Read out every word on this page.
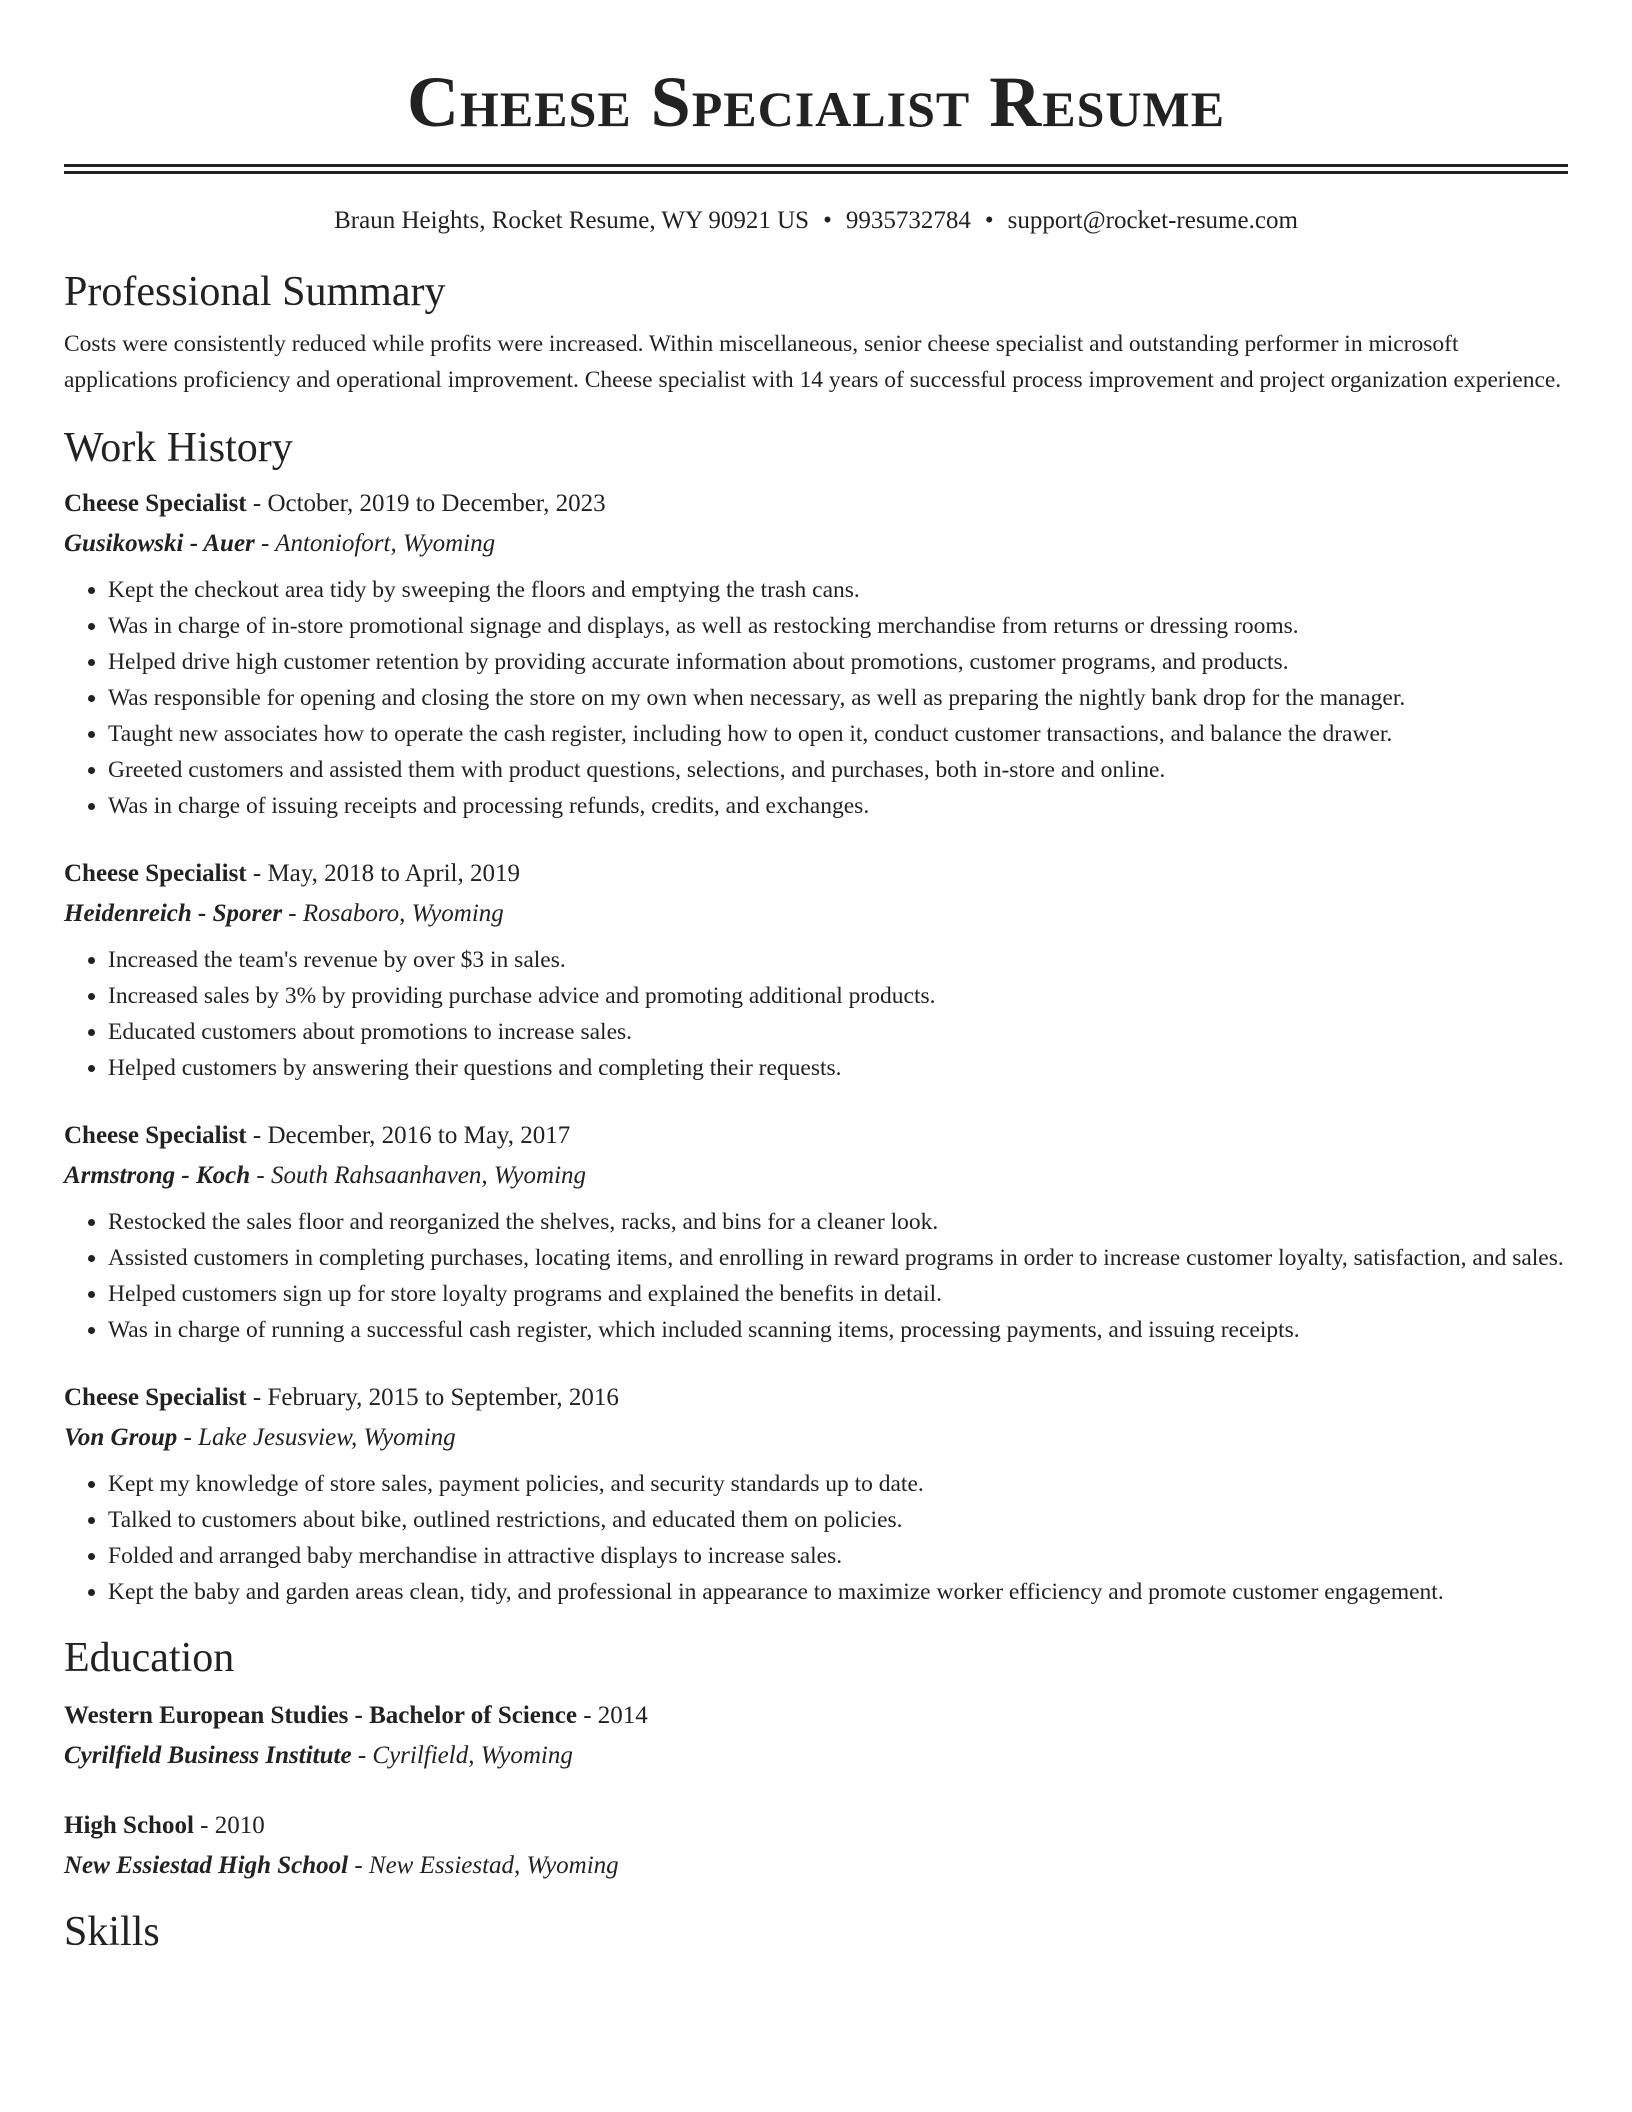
Cheese Specialist Resume
Braun Heights, Rocket Resume, WY 90921 US • 9935732784 • support@rocket-resume.com
Professional Summary

Costs were consistently reduced while profits were increased. Within miscellaneous, senior cheese specialist and outstanding performer in microsoft applications proficiency and operational improvement. Cheese specialist with 14 years of successful process improvement and project organization experience.

Work History
Cheese Specialist - October, 2019 to December, 2023
Gusikowski - Auer - Antoniofort, Wyoming
• Kept the checkout area tidy by sweeping the floors and emptying the trash cans.
• Was in charge of in-store promotional signage and displays, as well as restocking merchandise from returns or dressing rooms.
• Helped drive high customer retention by providing accurate information about promotions, customer programs, and products.
• Was responsible for opening and closing the store on my own when necessary, as well as preparing the nightly bank drop for the manager.
• Taught new associates how to operate the cash register, including how to open it, conduct customer transactions, and balance the drawer.
• Greeted customers and assisted them with product questions, selections, and purchases, both in-store and online.
• Was in charge of issuing receipts and processing refunds, credits, and exchanges.
Cheese Specialist - May, 2018 to April, 2019
Heidenreich - Sporer - Rosaboro, Wyoming
• Increased the team's revenue by over $3 in sales.
• Increased sales by 3% by providing purchase advice and promoting additional products.
• Educated customers about promotions to increase sales.
• Helped customers by answering their questions and completing their requests.
Cheese Specialist - December, 2016 to May, 2017
Armstrong - Koch - South Rahsaanhaven, Wyoming
• Restocked the sales floor and reorganized the shelves, racks, and bins for a cleaner look.
• Assisted customers in completing purchases, locating items, and enrolling in reward programs in order to increase customer loyalty, satisfaction, and sales.
• Helped customers sign up for store loyalty programs and explained the benefits in detail.
• Was in charge of running a successful cash register, which included scanning items, processing payments, and issuing receipts.
Cheese Specialist - February, 2015 to September, 2016
Von Group - Lake Jesusview, Wyoming
• Kept my knowledge of store sales, payment policies, and security standards up to date.
• Talked to customers about bike, outlined restrictions, and educated them on policies.
• Folded and arranged baby merchandise in attractive displays to increase sales.
• Kept the baby and garden areas clean, tidy, and professional in appearance to maximize worker efficiency and promote customer engagement.
Education
Western European Studies - Bachelor of Science - 2014
Cyrilfield Business Institute - Cyrilfield, Wyoming
High School - 2010
New Essiestad High School - New Essiestad, Wyoming
Skills
